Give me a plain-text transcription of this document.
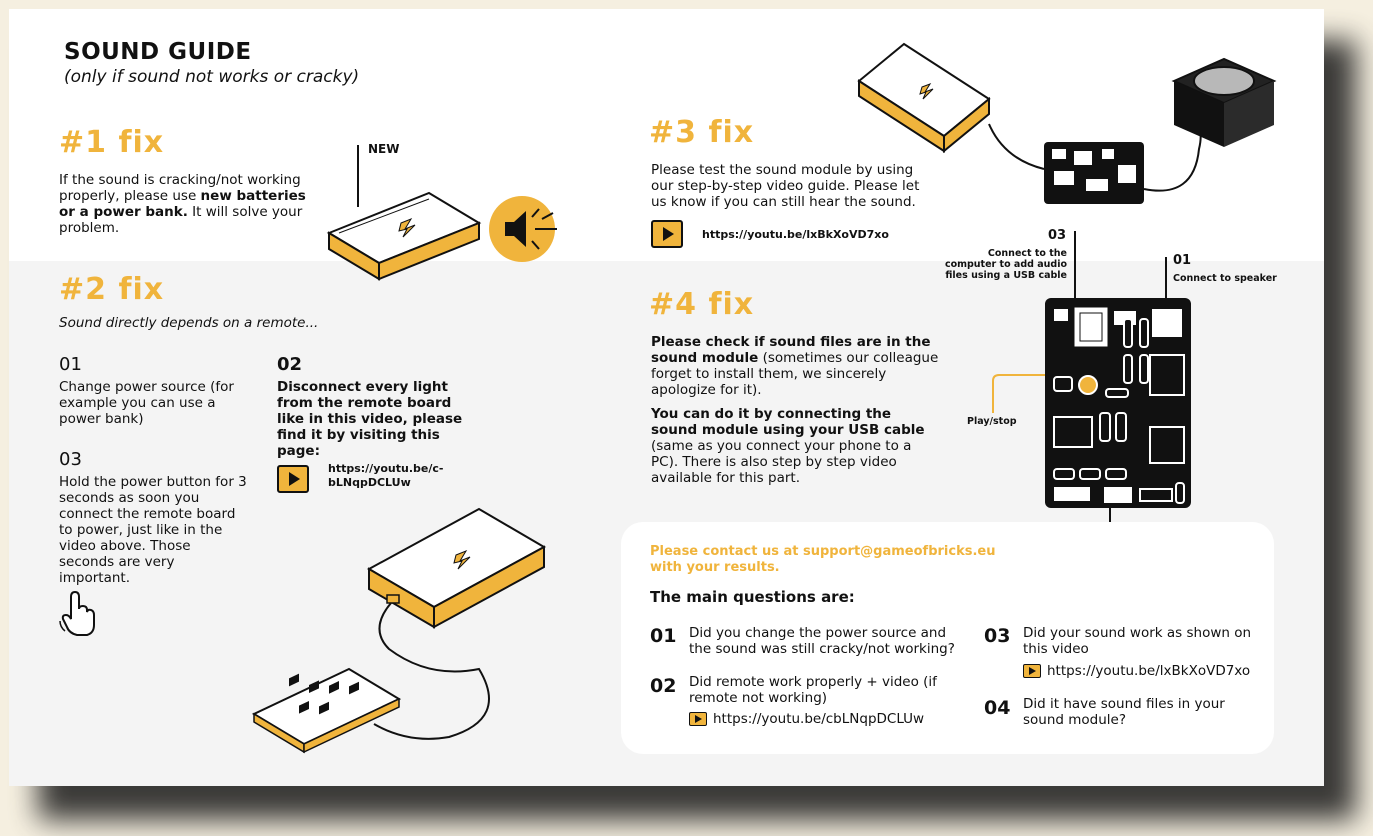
SOUND GUIDE
(only if sound not works or cracky)
#1 fix
If the sound is cracking/not working properly, please use new batteries or a power bank. It will solve your problem.
NEW
#2 fix
Sound directly depends on a remote...
01
Change power source (for example you can use a power bank)
02
Disconnect every light from the remote board like in this video, please find it by visiting this page:
https://youtu.be/c-bLNqpDCLUw
03
Hold the power button for 3 seconds as soon you connect the remote board to power, just like in the video above. Those seconds are very important.
#3 fix
Please test the sound module by using our step-by-step video guide. Please let us know if you can still hear the sound.
https://youtu.be/lxBkXoVD7xo
#4 fix
Please check if sound files are in the sound module (sometimes our colleague forget to install them, we sincerely apologize for it).
You can do it by connecting the sound module using your USB cable (same as you connect your phone to a PC). There is also step by step video available for this part.
03
Connect to the computer to add audio files using a USB cable
01
Connect to speaker
Play/stop
Please contact us at support@gameofbricks.eu with your results.
The main questions are:
01 Did you change the power source and the sound was still cracky/not working?
02 Did remote work properly + video (if remote not working)
https://youtu.be/cbLNqpDCLUw
03 Did your sound work as shown on this video
https://youtu.be/lxBkXoVD7xo
04 Did it have sound files in your sound module?
